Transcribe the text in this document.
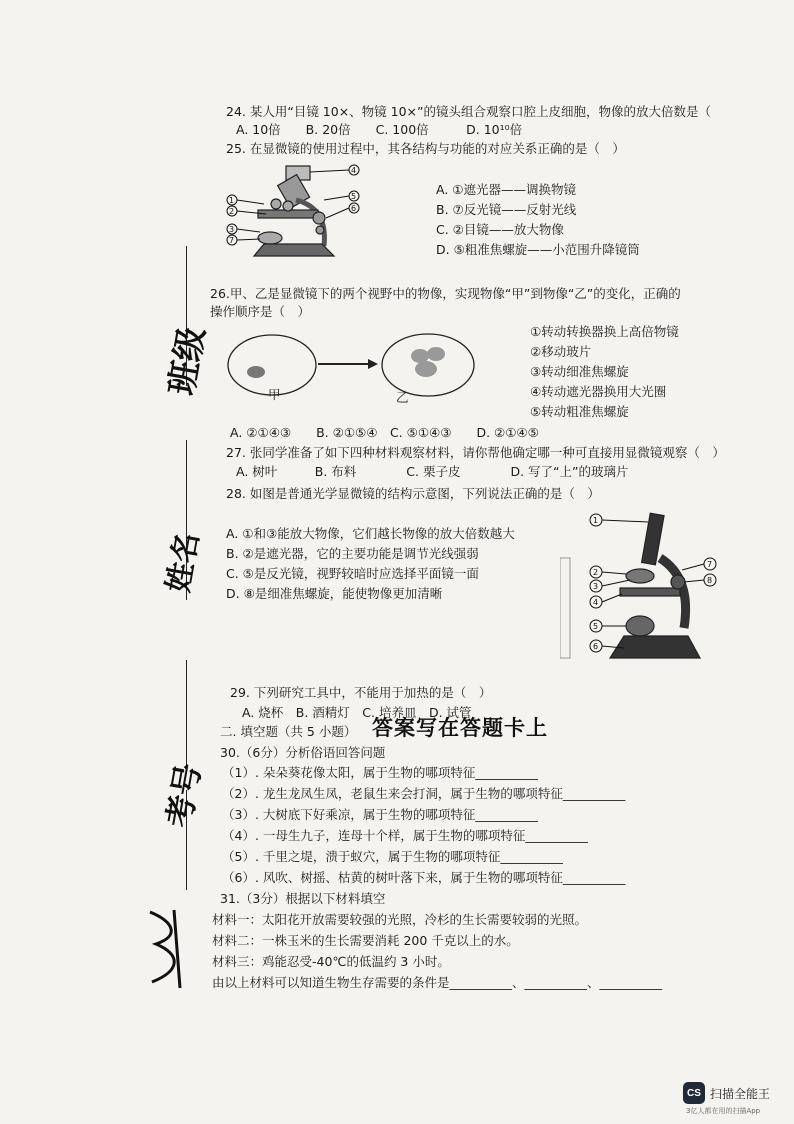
24. 某人用“目镜 10×、物镜 10×”的镜头组合观察口腔上皮细胞，物像的放大倍数是（
A. 10倍　　B. 20倍　　C. 100倍　　　D. 10¹⁰倍
25. 在显微镜的使用过程中，其各结构与功能的对应关系正确的是（　）
1
2
3
7
4
5
6
A. ①遮光器——调换物镜
B. ⑦反光镜——反射光线
C. ②目镜——放大物像
D. ⑤粗准焦螺旋——小范围升降镜筒
26.甲、乙是显微镜下的两个视野中的物像，实现物像“甲”到物像“乙”的变化，正确的
操作顺序是（　）
甲	乙
①转动转换器换上高倍物镜
②移动玻片
③转动细准焦螺旋
④转动遮光器换用大光圈
⑤转动粗准焦螺旋
A. ②①④③　　B. ②①⑤④　C. ⑤①④③　　D. ②①④⑤
27. 张同学准备了如下四种材料观察材料，请你帮他确定哪一种可直接用显微镜观察（　）
A. 树叶　　　B. 布料　　　　C. 栗子皮　　　　D. 写了“上”的玻璃片
28. 如图是普通光学显微镜的结构示意图，下列说法正确的是（　）
A. ①和③能放大物像，它们越长物像的放大倍数越大
B. ②是遮光器，它的主要功能是调节光线强弱
C. ⑤是反光镜，视野较暗时应选择平面镜一面
D. ⑧是细准焦螺旋，能使物像更加清晰
1
2
3
4
5
6
7
8
29. 下列研究工具中，不能用于加热的是（　）
A. 烧杯　B. 酒精灯　C. 培养皿　D. 试管
二. 填空题（共 5 小题） 答案写在答题卡上
30.（6分）分析俗语回答问题
（1）. 朵朵葵花像太阳，属于生物的哪项特征__________
（2）. 龙生龙凤生凤，老鼠生来会打洞，属于生物的哪项特征__________
（3）. 大树底下好乘凉，属于生物的哪项特征__________
（4）. 一母生九子，连母十个样，属于生物的哪项特征__________
（5）. 千里之堤，溃于蚁穴，属于生物的哪项特征__________
（6）. 风吹、树摇、枯黄的树叶落下来，属于生物的哪项特征__________
31.（3分）根据以下材料填空
材料一：太阳花开放需要较强的光照，冷杉的生长需要较弱的光照。
材料二：一株玉米的生长需要消耗 200 千克以上的水。
材料三：鸡能忍受-40℃的低温约 3 小时。
由以上材料可以知道生物生存需要的条件是__________、__________、__________
班级
姓名
考号
CS 扫描全能王
3亿人都在用的扫描App
